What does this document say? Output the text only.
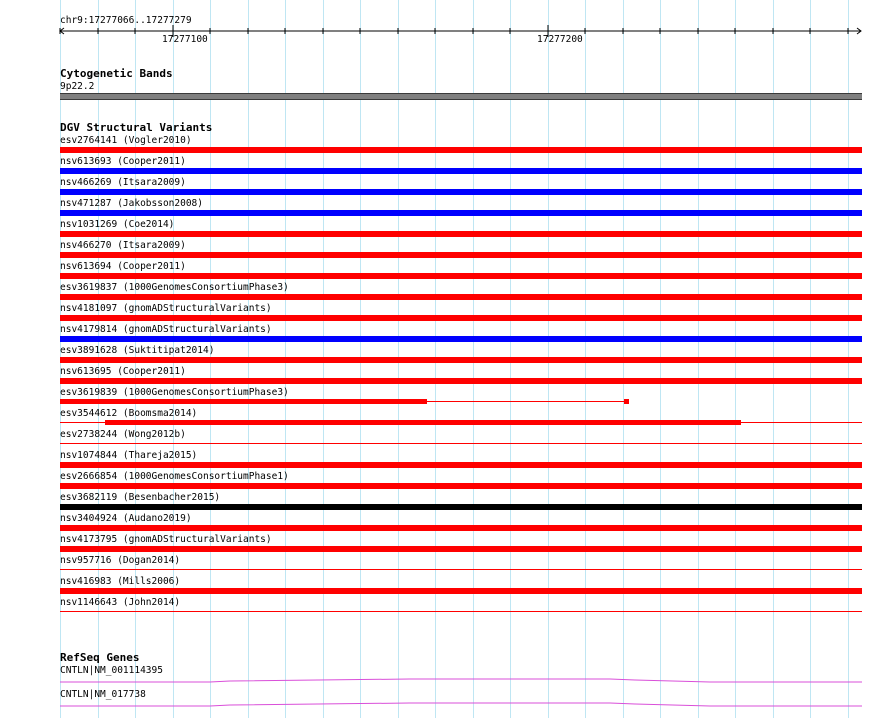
chr9:17277066..17277279
17277100	17277200
Cytogenetic Bands
9p22.2
DGV Structural Variants
esv2764141 (Vogler2010)
nsv613693 (Cooper2011)
nsv466269 (Itsara2009)
nsv471287 (Jakobsson2008)
nsv1031269 (Coe2014)
nsv466270 (Itsara2009)
nsv613694 (Cooper2011)
esv3619837 (1000GenomesConsortiumPhase3)
nsv4181097 (gnomADStructuralVariants)
nsv4179814 (gnomADStructuralVariants)
esv3891628 (Suktitipat2014)
nsv613695 (Cooper2011)
esv3619839 (1000GenomesConsortiumPhase3)
esv3544612 (Boomsma2014)
esv2738244 (Wong2012b)
nsv1074844 (Thareja2015)
esv2666854 (1000GenomesConsortiumPhase1)
esv3682119 (Besenbacher2015)
nsv3404924 (Audano2019)
nsv4173795 (gnomADStructuralVariants)
nsv957716 (Dogan2014)
nsv416983 (Mills2006)
nsv1146643 (John2014)
RefSeq Genes
CNTLN|NM_001114395
CNTLN|NM_017738
